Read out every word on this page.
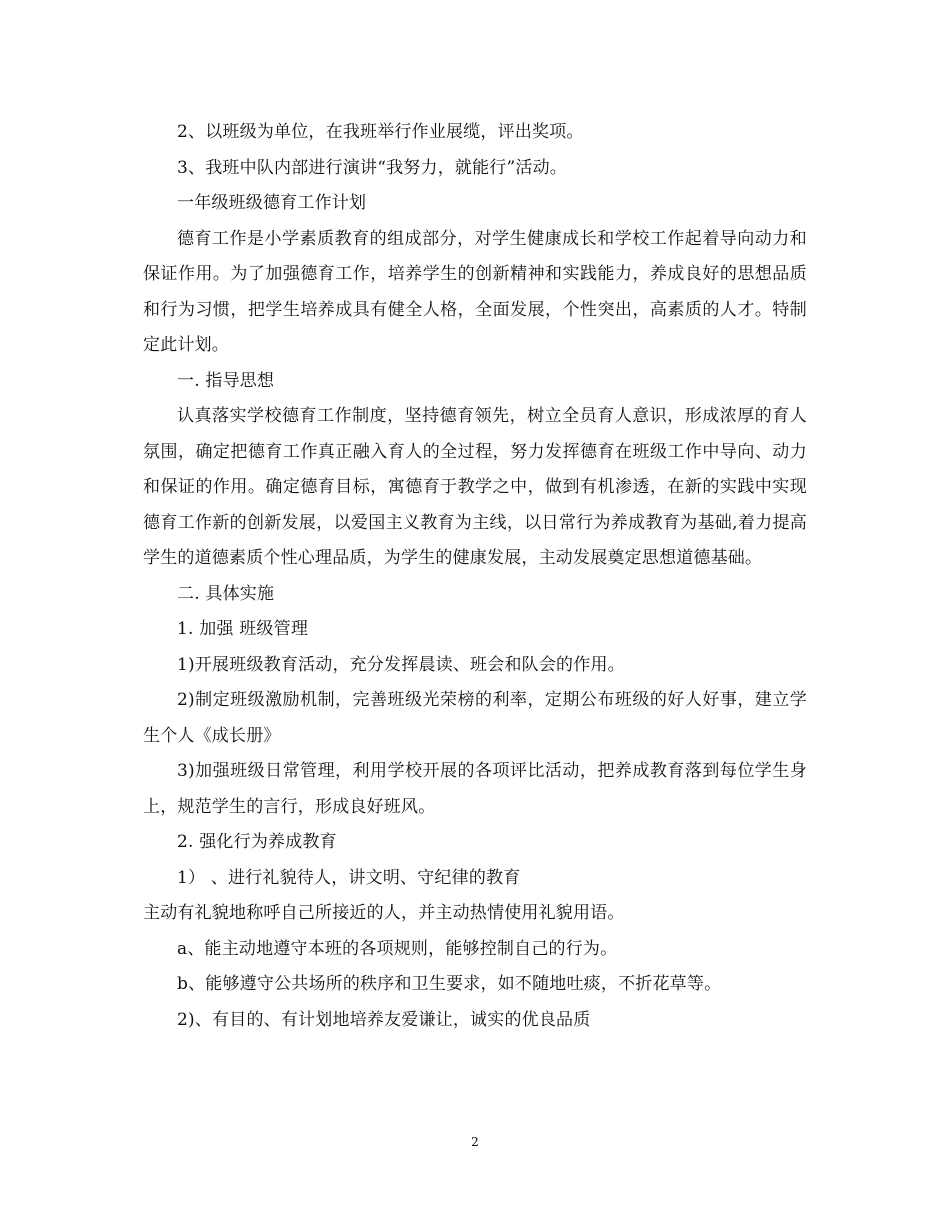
2、以班级为单位，在我班举行作业展缆，评出奖项。

3、我班中队内部进行演讲“我努力，就能行”活动。

一年级班级德育工作计划

德育工作是小学素质教育的组成部分，对学生健康成长和学校工作起着导向动力和保证作用。为了加强德育工作，培养学生的创新精神和实践能力，养成良好的思想品质和行为习惯，把学生培养成具有健全人格，全面发展，个性突出，高素质的人才。特制定此计划。

一. 指导思想

认真落实学校德育工作制度，坚持德育领先，树立全员育人意识，形成浓厚的育人氛围，确定把德育工作真正融入育人的全过程，努力发挥德育在班级工作中导向、动力和保证的作用。确定德育目标，寓德育于教学之中，做到有机渗透，在新的实践中实现德育工作新的创新发展，以爱国主义教育为主线，以日常行为养成教育为基础,着力提高学生的道德素质个性心理品质，为学生的健康发展，主动发展奠定思想道德基础。

二. 具体实施

1. 加强 班级管理

1)开展班级教育活动，充分发挥晨读、班会和队会的作用。

2)制定班级激励机制，完善班级光荣榜的利率，定期公布班级的好人好事，建立学生个人《成长册》

3)加强班级日常管理，利用学校开展的各项评比活动，把养成教育落到每位学生身上，规范学生的言行，形成良好班风。

2. 强化行为养成教育

1） 、进行礼貌待人，讲文明、守纪律的教育

主动有礼貌地称呼自己所接近的人，并主动热情使用礼貌用语。

a、能主动地遵守本班的各项规则，能够控制自己的行为。

b、能够遵守公共场所的秩序和卫生要求，如不随地吐痰，不折花草等。

2)、有目的、有计划地培养友爱谦让，诚实的优良品质

2
